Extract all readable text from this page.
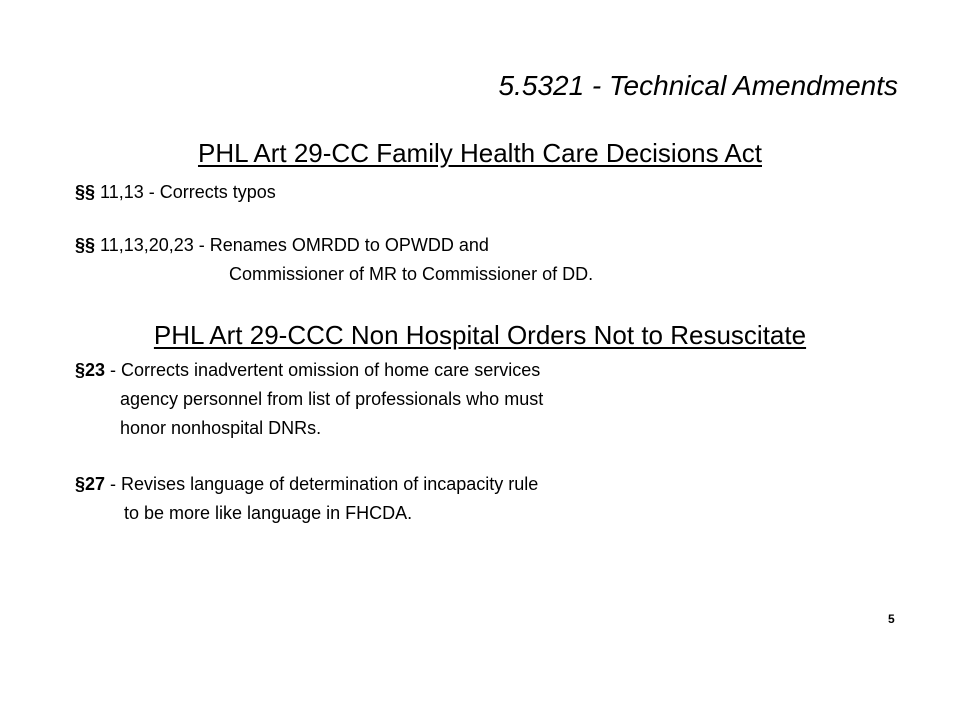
5.5321 - Technical Amendments
PHL Art 29-CC Family Health Care Decisions Act
§§ 11,13 - Corrects typos
§§ 11,13,20,23 - Renames OMRDD to OPWDD and
Commissioner of MR to Commissioner of DD.
PHL Art 29-CCC Non Hospital Orders Not to Resuscitate
§23 - Corrects inadvertent omission of home care services
agency personnel from list of professionals who must
honor nonhospital DNRs.
§27 - Revises language of determination of incapacity rule
to be more like language in FHCDA.
5
